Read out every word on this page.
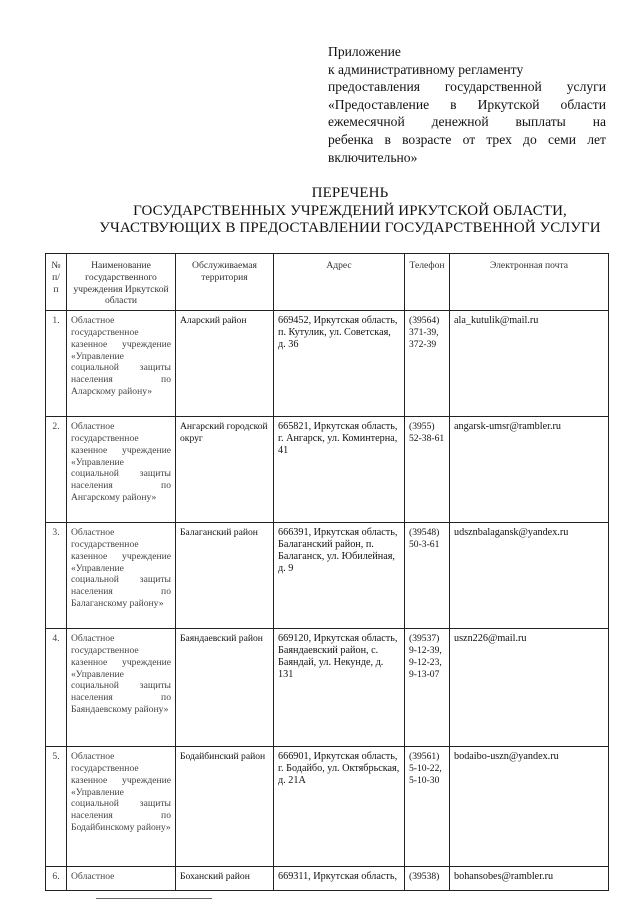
Приложение
к административному регламенту
предоставления государственной услуги
«Предоставление в Иркутской области
ежемесячной денежной выплаты на
ребенка в возрасте от трех до семи лет
включительно»
ПЕРЕЧЕНЬ
ГОСУДАРСТВЕННЫХ УЧРЕЖДЕНИЙ ИРКУТСКОЙ ОБЛАСТИ,
УЧАСТВУЮЩИХ В ПРЕДОСТАВЛЕНИИ ГОСУДАРСТВЕННОЙ УСЛУГИ
№ п/п	Наименование государственного учреждения Иркутской области	Обслуживаемая территория	Адрес	Телефон	Электронная почта
1.	Областное государственное казенное учреждение «Управление социальной защиты населения по Аларскому району»	Аларский район	669452, Иркутская область, п. Кутулик, ул. Советская, д. 36	(39564) 371-39, 372-39	ala_kutulik@mail.ru
2.	Областное государственное казенное учреждение «Управление социальной защиты населения по Ангарскому району»	Ангарский городской округ	665821, Иркутская область, г. Ангарск, ул. Коминтерна, 41	(3955) 52-38-61	angarsk-umsr@rambler.ru
3.	Областное государственное казенное учреждение «Управление социальной защиты населения по Балаганскому району»	Балаганский район	666391, Иркутская область, Балаганский район, п. Балаганск, ул. Юбилейная, д. 9	(39548) 50-3-61	udsznbalagansk@yandex.ru
4.	Областное государственное казенное учреждение «Управление социальной защиты населения по Баяндаевскому району»	Баяндаевский район	669120, Иркутская область, Баяндаевский район, с. Баяндай, ул. Некунде, д. 131	(39537) 9-12-39, 9-12-23, 9-13-07	uszn226@mail.ru
5.	Областное государственное казенное учреждение «Управление социальной защиты населения по Бодайбинскому району»	Бодайбинский район	666901, Иркутская область, г. Бодайбо, ул. Октябрьская, д. 21А	(39561) 5-10-22, 5-10-30	bodaibo-uszn@yandex.ru
6.	Областное	Боханский район	669311, Иркутская область,	(39538)	bohansobes@rambler.ru
